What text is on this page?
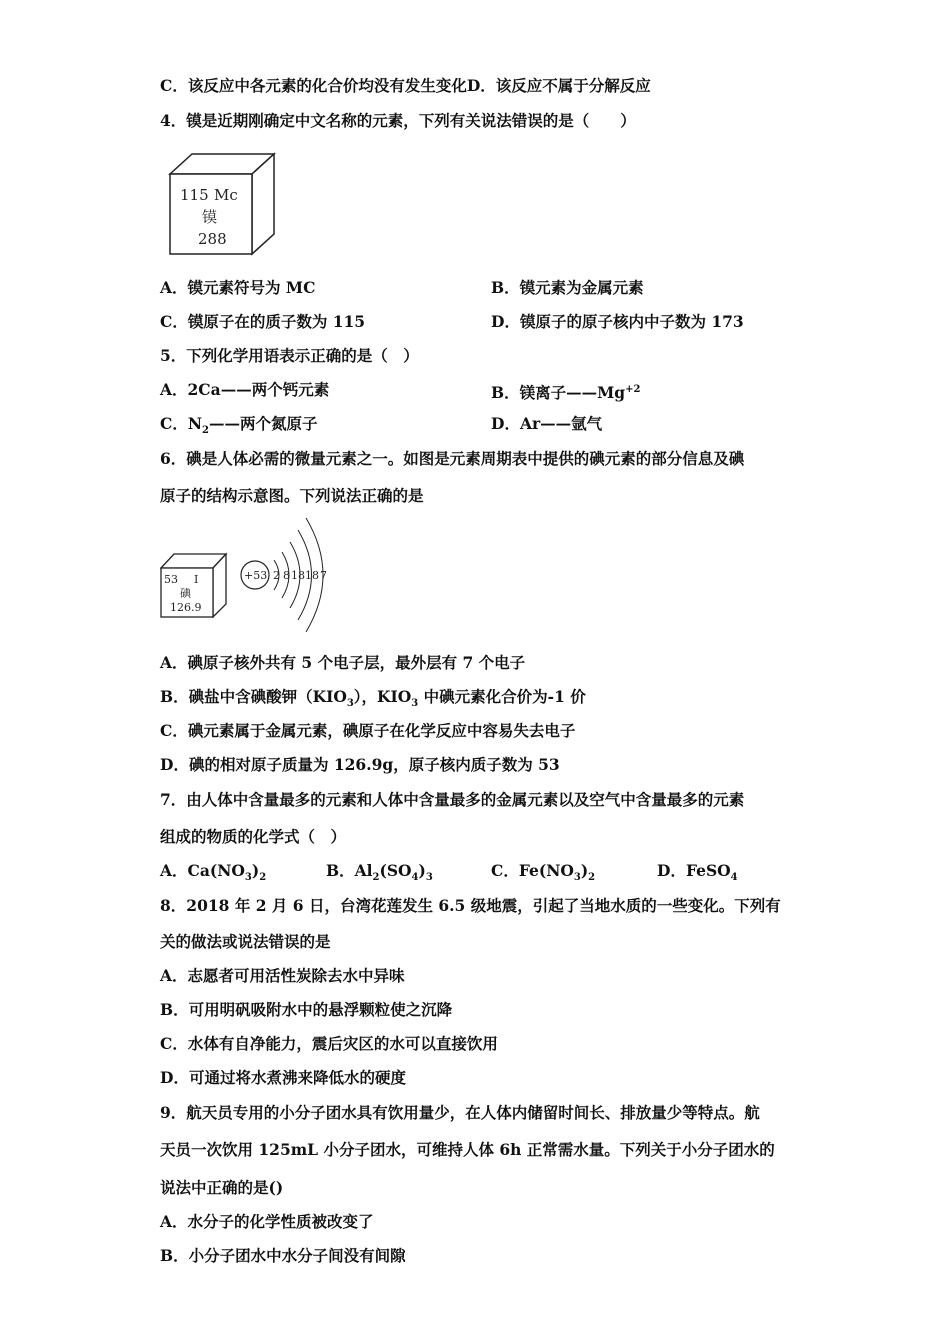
C．该反应中各元素的化合价均没有发生变化D．该反应不属于分解反应
4．镆是近期刚确定中文名称的元素，下列有关说法错误的是（　　）
115 Mc
镆
288
A．镆元素符号为 MC	B．镆元素为金属元素
C．镆原子在的质子数为 115	D．镆原子的原子核内中子数为 173
5．下列化学用语表示正确的是（　）
A．2Ca——两个钙元素	B．镁离子$——Mg^{+2}$
C．$N_2——$两个氮原子	D．Ar——氩气
6．碘是人体必需的微量元素之一。如图是元素周期表中提供的碘元素的部分信息及碘
原子的结构示意图。下列说法正确的是
53 I
碘
126.9
+53 2 8 18 18 7
A．碘原子核外共有 5 个电子层，最外层有 7 个电子
B．碘盐中含碘酸钾$(KIO_3)$，$KIO_3$ 中碘元素化合价为-1 价
C．碘元素属于金属元素，碘原子在化学反应中容易失去电子
D．碘的相对原子质量为 126.9g，原子核内质子数为 53
7．由人体中含量最多的元素和人体中含量最多的金属元素以及空气中含量最多的元素
组成的物质的化学式（　）
A．$Ca(NO_3)_2$	B．$Al_2(SO_4)_3$	C．$Fe(NO_3)_2$	D．FeSO$_4$
8．2018 年 2 月 6 日，台湾花莲发生 6.5 级地震，引起了当地水质的一些变化。下列有
关的做法或说法错误的是
A．志愿者可用活性炭除去水中异味
B．可用明矾吸附水中的悬浮颗粒使之沉降
C．水体有自净能力，震后灾区的水可以直接饮用
D．可通过将水煮沸来降低水的硬度
9．航天员专用的小分子团水具有饮用量少，在人体内储留时间长、排放量少等特点。航
天员一次饮用 125mL 小分子团水，可维持人体 6h 正常需水量。下列关于小分子团水的
说法中正确的是()
A．水分子的化学性质被改变了
B．小分子团水中水分子间没有间隙
